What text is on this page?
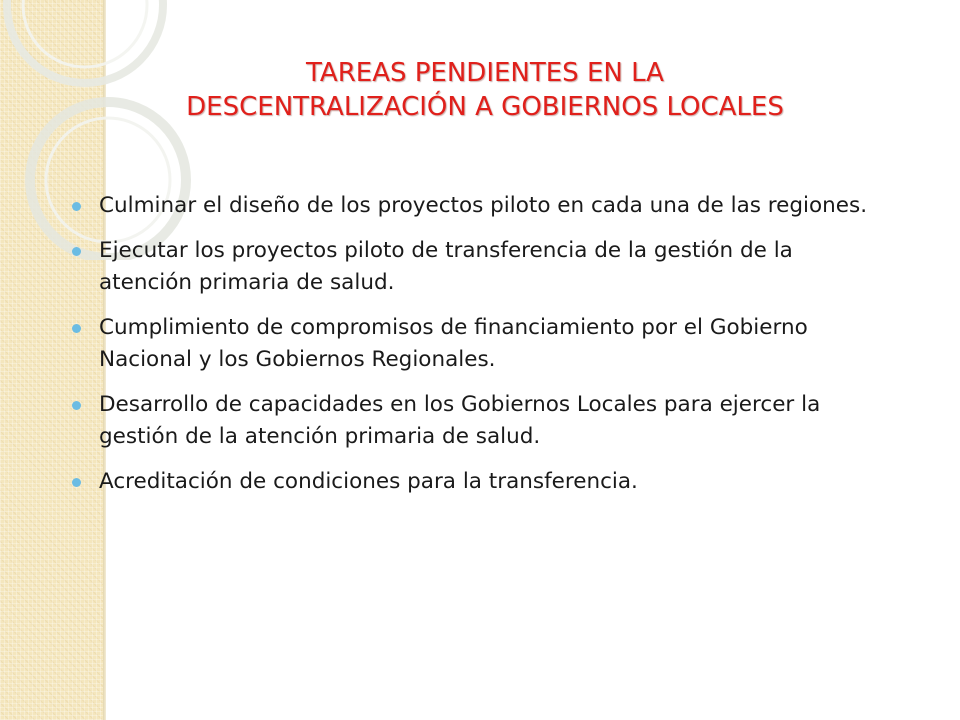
TAREAS PENDIENTES EN LA
DESCENTRALIZACIÓN A GOBIERNOS LOCALES
Culminar el diseño de los proyectos piloto en cada una de las regiones.
Ejecutar los proyectos piloto de transferencia de la gestión de la atención primaria de salud.
Cumplimiento de compromisos de financiamiento por el Gobierno Nacional y los Gobiernos Regionales.
Desarrollo de capacidades en los Gobiernos Locales para ejercer la gestión de la atención primaria de salud.
Acreditación de condiciones para la transferencia.
